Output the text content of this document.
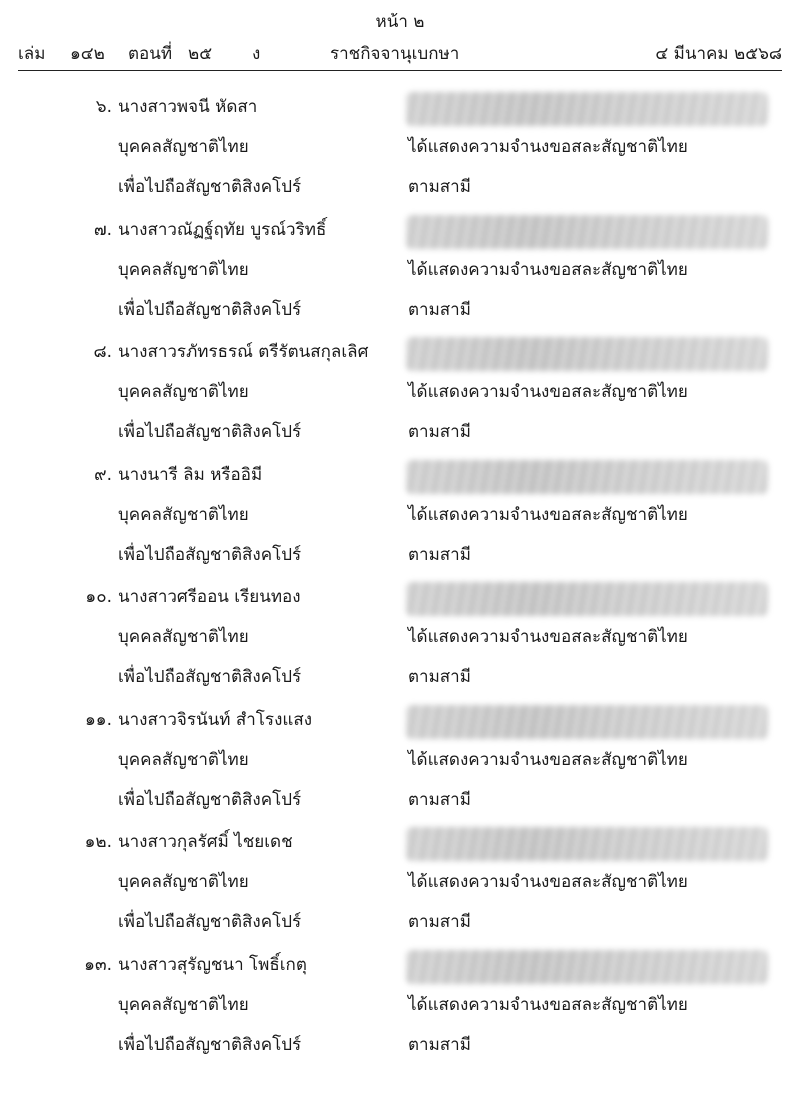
หน้า ๒
เล่ม ๑๔๒ ตอนที่ ๒๕ ง	ราชกิจจานุเบกษา	๔ มีนาคม ๒๕๖๘
๖. นางสาวพจนี หัดสา
บุคคลสัญชาติไทย	ได้แสดงความจำนงขอสละสัญชาติไทย
เพื่อไปถือสัญชาติสิงคโปร์	ตามสามี
๗. นางสาวณัฏฐ์ฤทัย บูรณ์วริทธิ์
บุคคลสัญชาติไทย	ได้แสดงความจำนงขอสละสัญชาติไทย
เพื่อไปถือสัญชาติสิงคโปร์	ตามสามี
๘. นางสาวรภัทรธรณ์ ตรีรัตนสกุลเลิศ
บุคคลสัญชาติไทย	ได้แสดงความจำนงขอสละสัญชาติไทย
เพื่อไปถือสัญชาติสิงคโปร์	ตามสามี
๙. นางนารี ลิม หรืออิมี
บุคคลสัญชาติไทย	ได้แสดงความจำนงขอสละสัญชาติไทย
เพื่อไปถือสัญชาติสิงคโปร์	ตามสามี
๑๐. นางสาวศรีออน เรียนทอง
บุคคลสัญชาติไทย	ได้แสดงความจำนงขอสละสัญชาติไทย
เพื่อไปถือสัญชาติสิงคโปร์	ตามสามี
๑๑. นางสาวจิรนันท์ สำโรงแสง
บุคคลสัญชาติไทย	ได้แสดงความจำนงขอสละสัญชาติไทย
เพื่อไปถือสัญชาติสิงคโปร์	ตามสามี
๑๒. นางสาวกุลรัศมิ์ ไชยเดช
บุคคลสัญชาติไทย	ได้แสดงความจำนงขอสละสัญชาติไทย
เพื่อไปถือสัญชาติสิงคโปร์	ตามสามี
๑๓. นางสาวสุรัญชนา โพธิ์เกตุ
บุคคลสัญชาติไทย	ได้แสดงความจำนงขอสละสัญชาติไทย
เพื่อไปถือสัญชาติสิงคโปร์	ตามสามี
